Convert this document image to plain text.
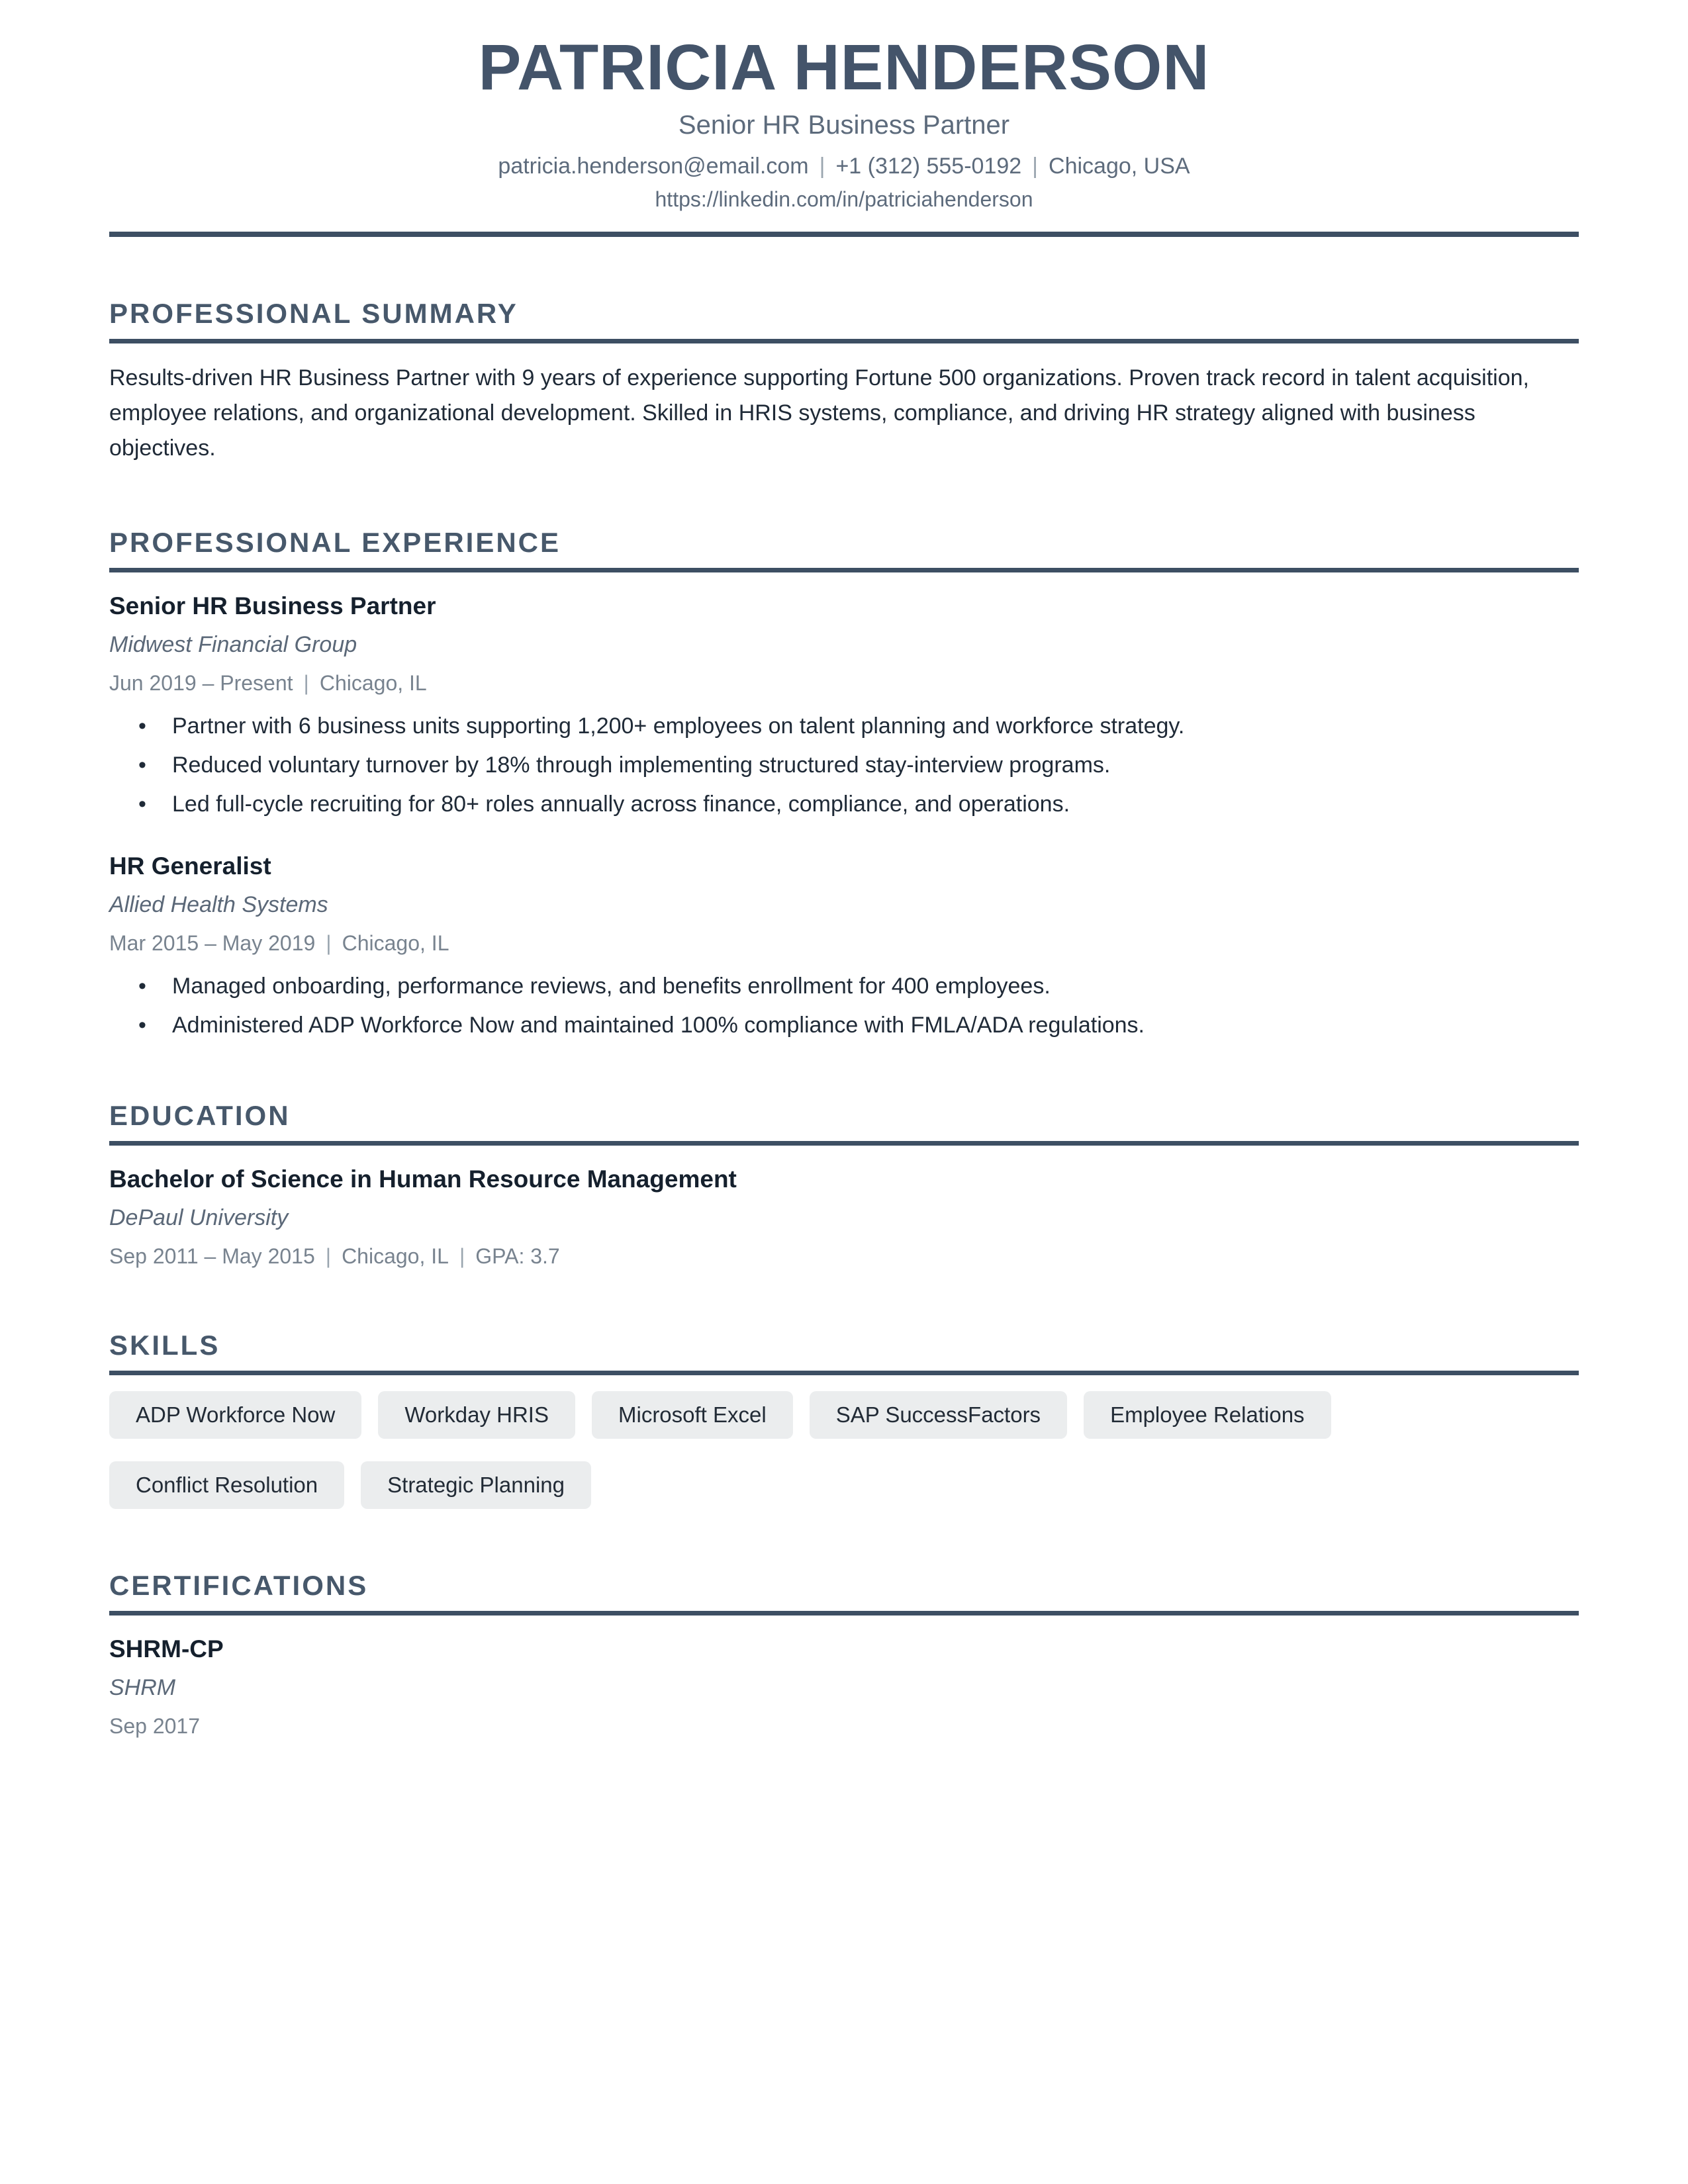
PATRICIA HENDERSON
Senior HR Business Partner
patricia.henderson@email.com | +1 (312) 555-0192 | Chicago, USA
https://linkedin.com/in/patriciahenderson
PROFESSIONAL SUMMARY
Results-driven HR Business Partner with 9 years of experience supporting Fortune 500 organizations. Proven track record in talent acquisition, employee relations, and organizational development. Skilled in HRIS systems, compliance, and driving HR strategy aligned with business objectives.
PROFESSIONAL EXPERIENCE
Senior HR Business Partner
Midwest Financial Group
Jun 2019 – Present | Chicago, IL
• Partner with 6 business units supporting 1,200+ employees on talent planning and workforce strategy.
• Reduced voluntary turnover by 18% through implementing structured stay-interview programs.
• Led full-cycle recruiting for 80+ roles annually across finance, compliance, and operations.
HR Generalist
Allied Health Systems
Mar 2015 – May 2019 | Chicago, IL
• Managed onboarding, performance reviews, and benefits enrollment for 400 employees.
• Administered ADP Workforce Now and maintained 100% compliance with FMLA/ADA regulations.
EDUCATION
Bachelor of Science in Human Resource Management
DePaul University
Sep 2011 – May 2015 | Chicago, IL | GPA: 3.7
SKILLS
ADP Workforce Now	Workday HRIS	Microsoft Excel	SAP SuccessFactors	Employee Relations
Conflict Resolution	Strategic Planning
CERTIFICATIONS
SHRM-CP
SHRM
Sep 2017
